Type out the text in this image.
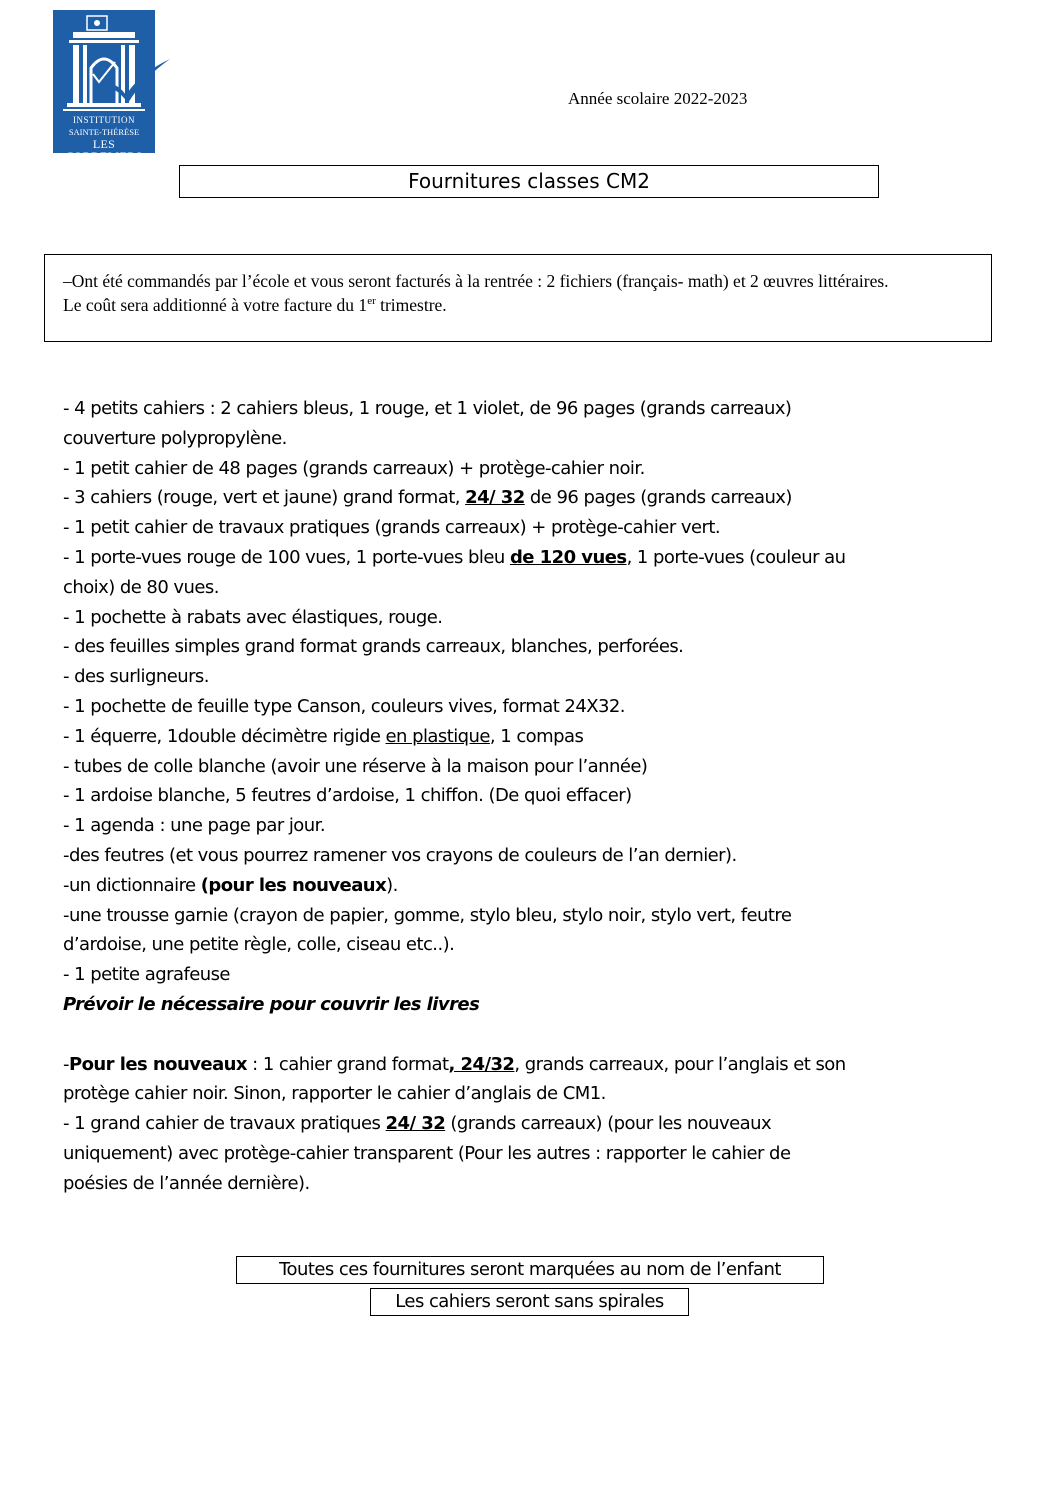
INSTITUTION
SAINTE-THÉRÈSE
LES CORDELIERS
Année scolaire 2022-2023
Fournitures classes CM2
–Ont été commandés par l’école et vous seront facturés à la rentrée : 2 fichiers (français- math) et 2 œuvres littéraires.
Le coût sera additionné à votre facture du 1er trimestre.

- 4 petits cahiers : 2 cahiers bleus, 1 rouge, et 1 violet, de 96 pages (grands carreaux)

couverture polypropylène.

- 1 petit cahier de 48 pages (grands carreaux) + protège-cahier noir.

- 3 cahiers (rouge, vert et jaune) grand format, 24/ 32 de 96 pages (grands carreaux)

- 1 petit cahier de travaux pratiques (grands carreaux) + protège-cahier vert.

- 1 porte-vues rouge de 100 vues, 1 porte-vues bleu de 120 vues, 1 porte-vues (couleur au

choix) de 80 vues.

- 1 pochette à rabats avec élastiques, rouge.

- des feuilles simples grand format grands carreaux, blanches, perforées.

- des surligneurs.

- 1 pochette de feuille type Canson, couleurs vives, format 24X32.

- 1 équerre, 1double décimètre rigide en plastique, 1 compas

- tubes de colle blanche (avoir une réserve à la maison pour l’année)

- 1 ardoise blanche, 5 feutres d’ardoise, 1 chiffon. (De quoi effacer)

- 1 agenda : une page par jour.

-des feutres (et vous pourrez ramener vos crayons de couleurs de l’an dernier).

-un dictionnaire (pour les nouveaux).

-une trousse garnie (crayon de papier, gomme, stylo bleu, stylo noir, stylo vert, feutre

d’ardoise, une petite règle, colle, ciseau etc..).

- 1 petite agrafeuse

Prévoir le nécessaire pour couvrir les livres

-Pour les nouveaux : 1 cahier grand format, 24/32, grands carreaux, pour l’anglais et son

protège cahier noir. Sinon, rapporter le cahier d’anglais de CM1.

- 1 grand cahier de travaux pratiques 24/ 32 (grands carreaux) (pour les nouveaux

uniquement) avec protège-cahier transparent (Pour les autres : rapporter le cahier de

poésies de l’année dernière).

Toutes ces fournitures seront marquées au nom de l’enfant
Les cahiers seront sans spirales
